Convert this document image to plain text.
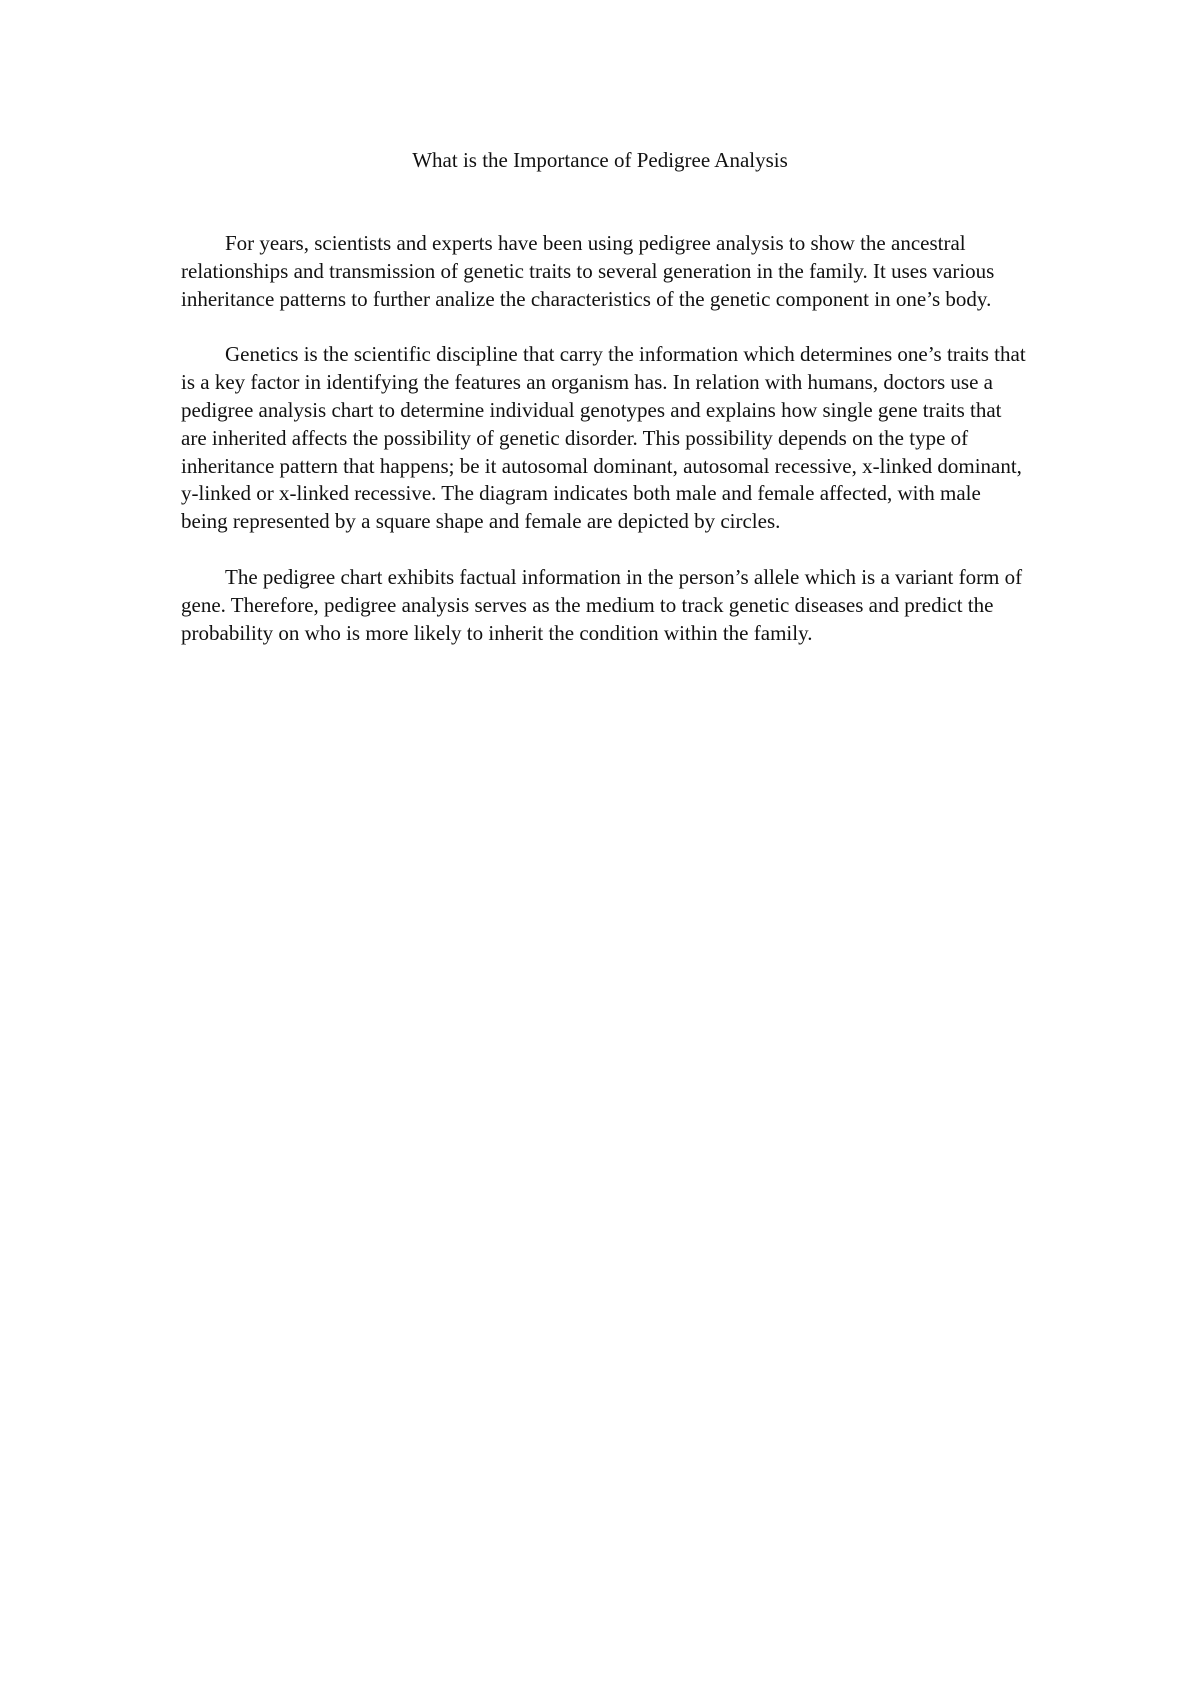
What is the Importance of Pedigree Analysis

For years, scientists and experts have been using pedigree analysis to show the ancestral relationships and transmission of genetic traits to several generation in the family. It uses various inheritance patterns to further analize the characteristics of the genetic component in one’s body.

Genetics is the scientific discipline that carry the information which determines one’s traits that is a key factor in identifying the features an organism has. In relation with humans, doctors use a pedigree analysis chart to determine individual genotypes and explains how single gene traits that are inherited affects the possibility of genetic disorder. This possibility depends on the type of inheritance pattern that happens; be it autosomal dominant, autosomal recessive, x-linked dominant, y-linked or x-linked recessive. The diagram indicates both male and female affected, with male being represented by a square shape and female are depicted by circles.

The pedigree chart exhibits factual information in the person’s allele which is a variant form of gene. Therefore, pedigree analysis serves as the medium to track genetic diseases and predict the probability on who is more likely to inherit the condition within the family.
